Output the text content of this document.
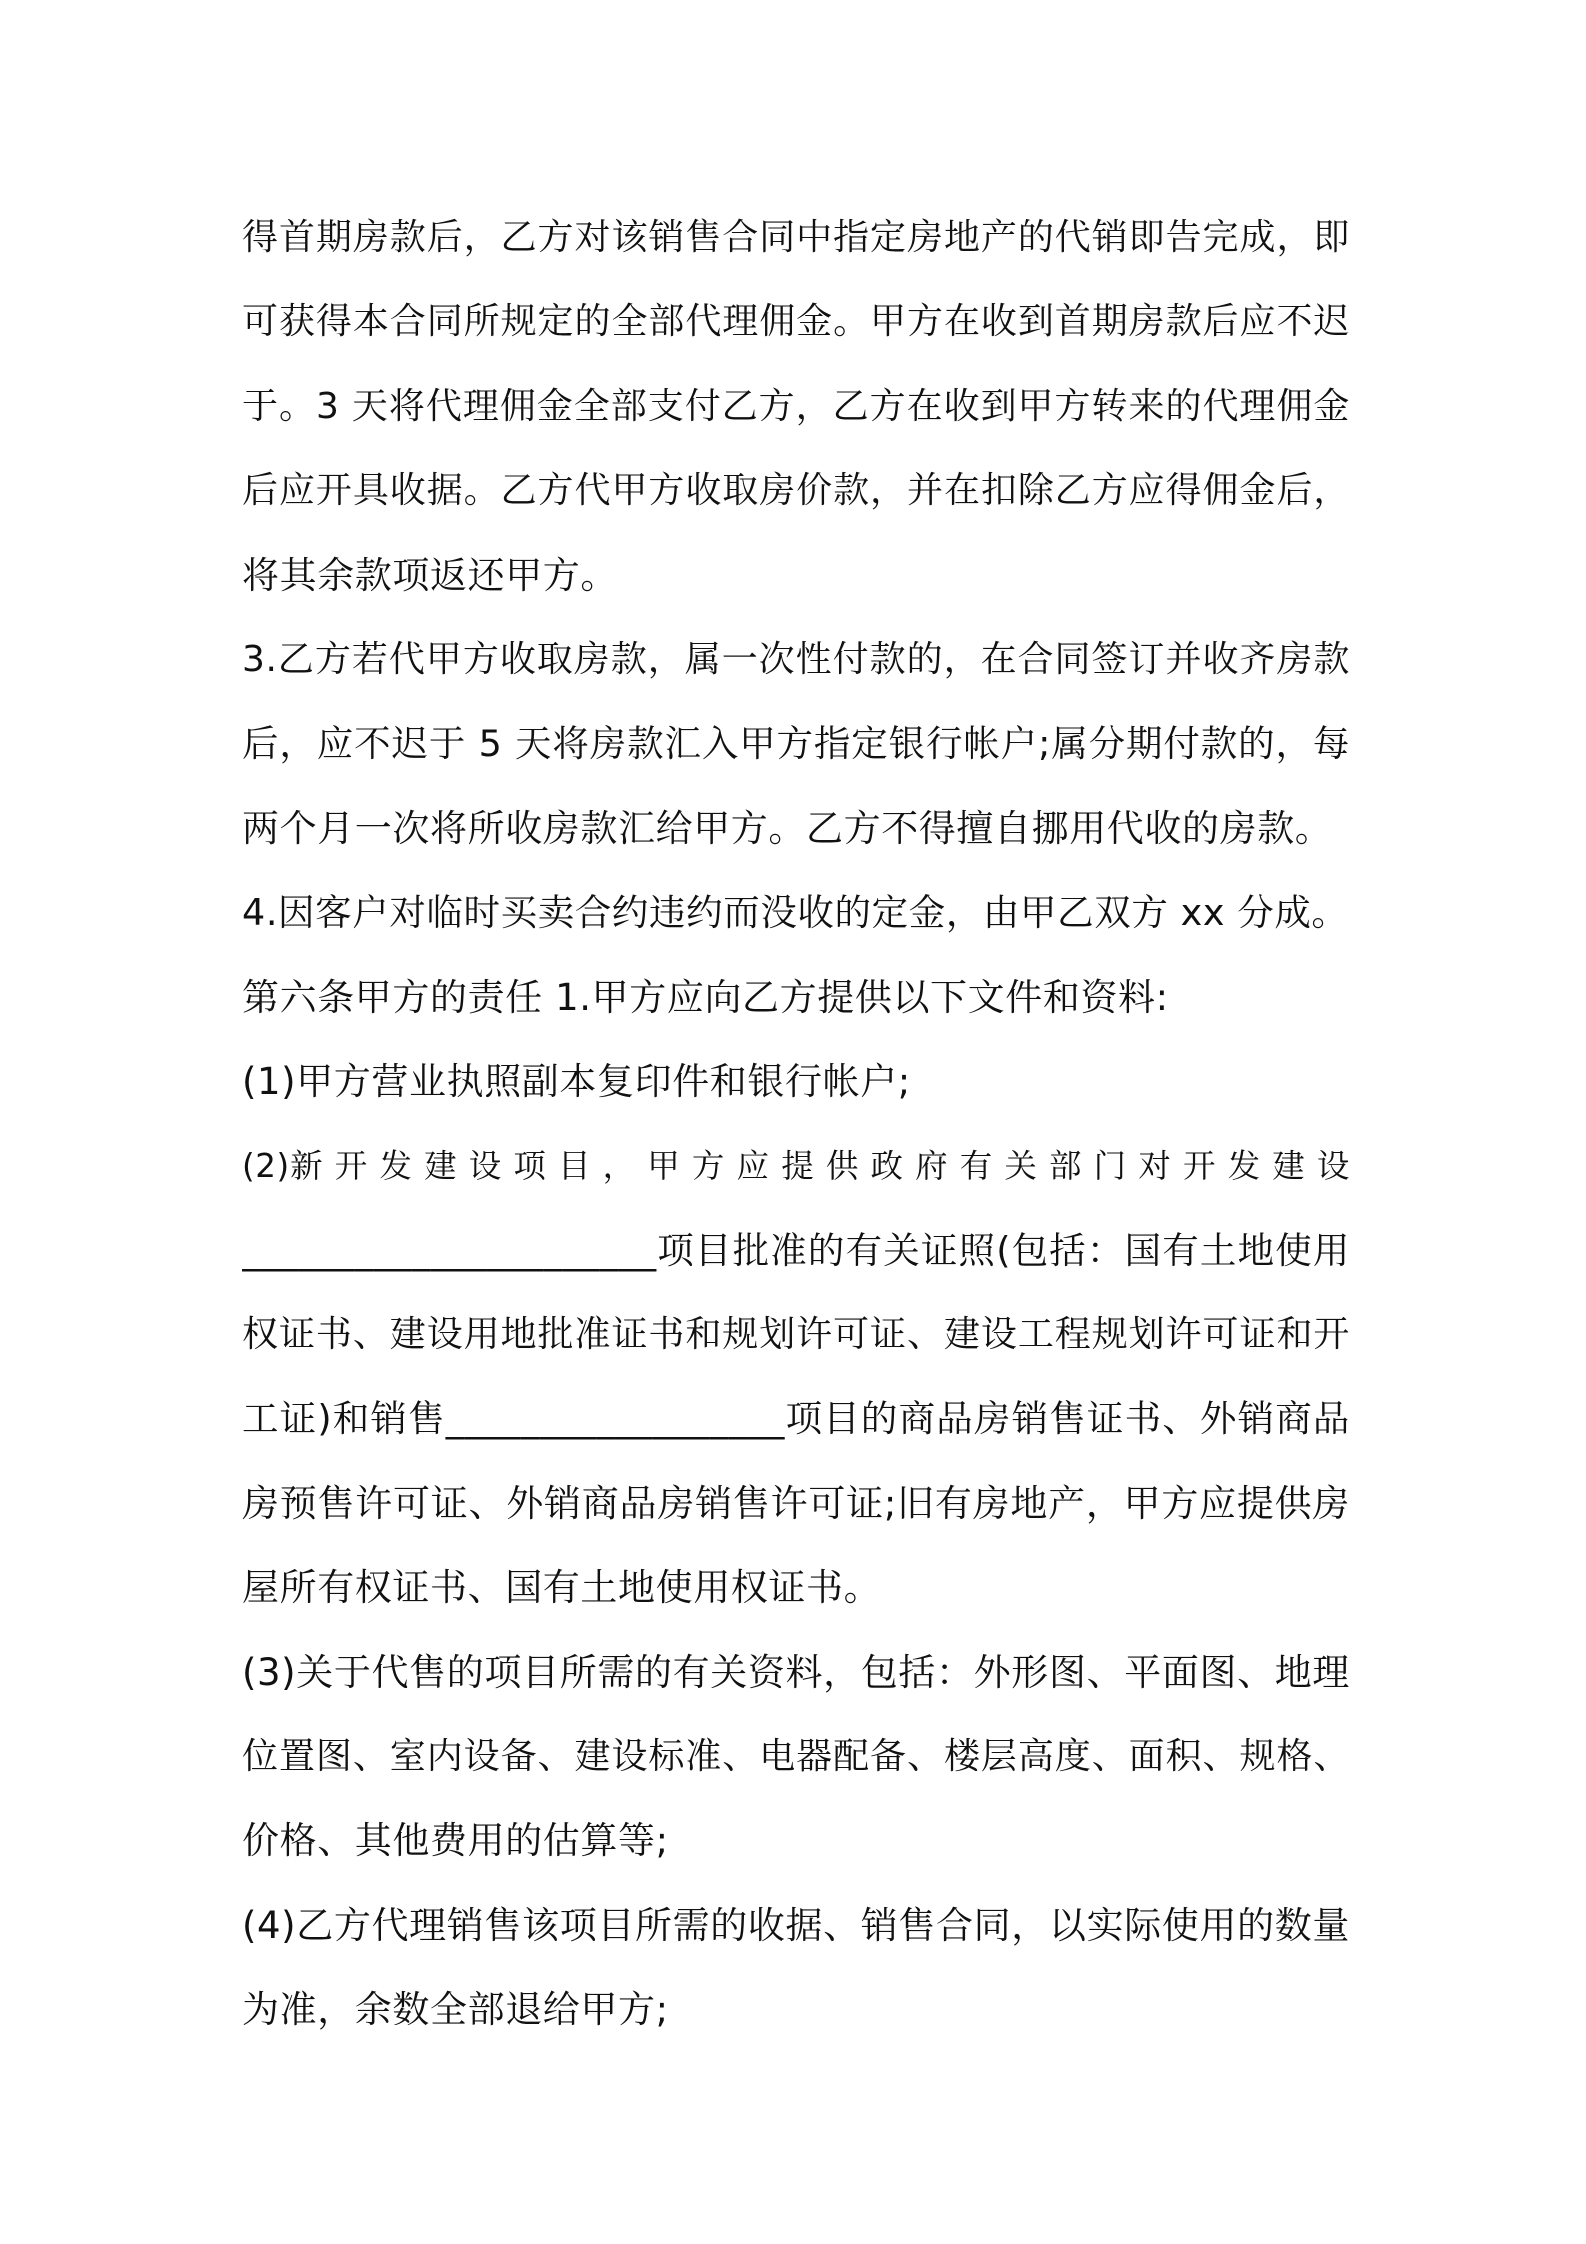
得首期房款后，乙方对该销售合同中指定房地产的代销即告完成，即
可获得本合同所规定的全部代理佣金。甲方在收到首期房款后应不迟
于。3 天将代理佣金全部支付乙方，乙方在收到甲方转来的代理佣金
后应开具收据。乙方代甲方收取房价款，并在扣除乙方应得佣金后，
将其余款项返还甲方。
3.乙方若代甲方收取房款，属一次性付款的，在合同签订并收齐房款
后，应不迟于 5 天将房款汇入甲方指定银行帐户;属分期付款的，每
两个月一次将所收房款汇给甲方。乙方不得擅自挪用代收的房款。
4.因客户对临时买卖合约违约而没收的定金，由甲乙双方 xx 分成。
第六条甲方的责任 1.甲方应向乙方提供以下文件和资料:
(1)甲方营业执照副本复印件和银行帐户;
(2)新 开 发 建 设 项 目 ， 甲 方 应 提 供 政 府 有 关 部 门 对 开 发 建 设
______________________项目批准的有关证照(包括：国有土地使用
权证书、建设用地批准证书和规划许可证、建设工程规划许可证和开
工证)和销售__________________项目的商品房销售证书、外销商品
房预售许可证、外销商品房销售许可证;旧有房地产，甲方应提供房
屋所有权证书、国有土地使用权证书。
(3)关于代售的项目所需的有关资料，包括：外形图、平面图、地理
位置图、室内设备、建设标准、电器配备、楼层高度、面积、规格、
价格、其他费用的估算等;
(4)乙方代理销售该项目所需的收据、销售合同，以实际使用的数量
为准，余数全部退给甲方;
